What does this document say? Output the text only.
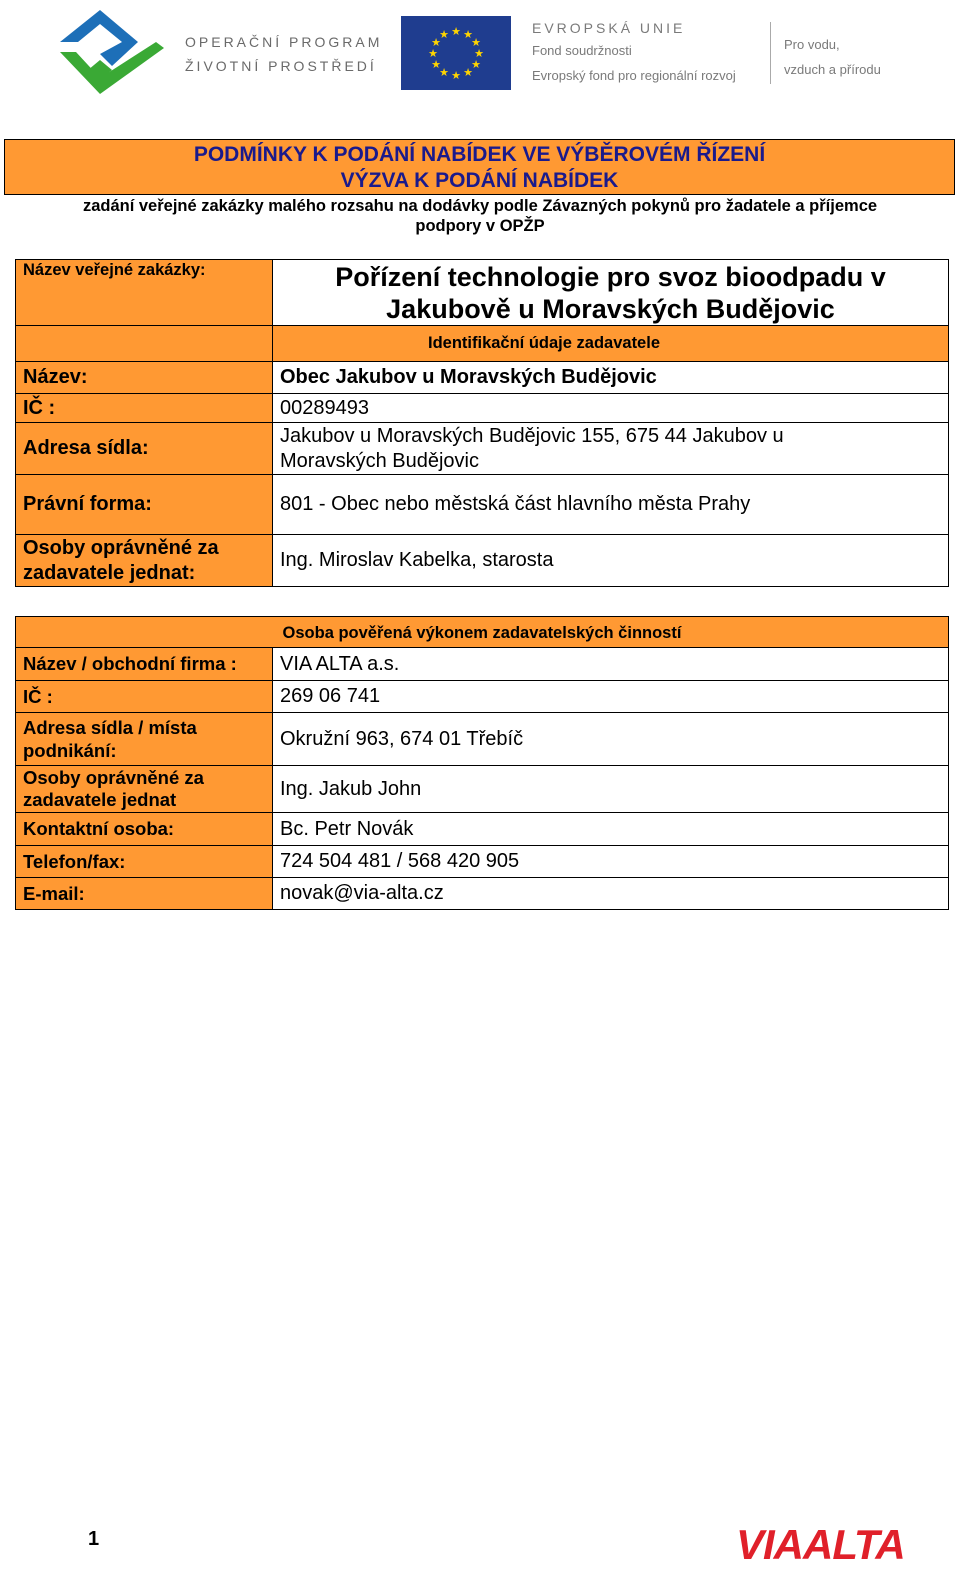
OPERAČNÍ PROGRAM
ŽIVOTNÍ PROSTŘEDÍ
★ ★
★
★
★
★
★
★
★
★
★
★	EVROPSKÁ UNIE
Fond soudržnosti
Evropský fond pro regionální rozvoj
Pro vodu,
vzduch a přírodu
PODMÍNKY K PODÁNÍ NABÍDEK VE VÝBĚROVÉM ŘÍZENÍ
VÝZVA K PODÁNÍ NABÍDEK
zadání veřejné zakázky malého rozsahu na dodávky podle Závazných pokynů pro žadatele a příjemce
podpory v OPŽP
Název veřejné zakázky:	Pořízení technologie pro svoz bioodpadu v
Jakubově u Moravských Budějovic
Identifikační údaje zadavatele
Název:	Obec Jakubov u Moravských Budějovic
IČ :	00289493
Adresa sídla:
Jakubov u Moravských Budějovic 155, 675 44 Jakubov u
Moravských Budějovic
Právní forma:	801 - Obec nebo městská část hlavního města Prahy
Osoby oprávněné za
zadavatele jednat:
Ing. Miroslav Kabelka, starosta
Osoba pověřená výkonem zadavatelských činností
Název / obchodní firma :	VIA ALTA a.s.
IČ :	269 06 741
Adresa sídla / místa
podnikání:
Okružní 963, 674 01 Třebíč
Osoby oprávněné za
zadavatele jednat	Ing. Jakub John
Kontaktní osoba:	Bc. Petr Novák
Telefon/fax:	724 504 481 / 568 420 905
E-mail:	novak@via-alta.cz
1	VIAALTA
